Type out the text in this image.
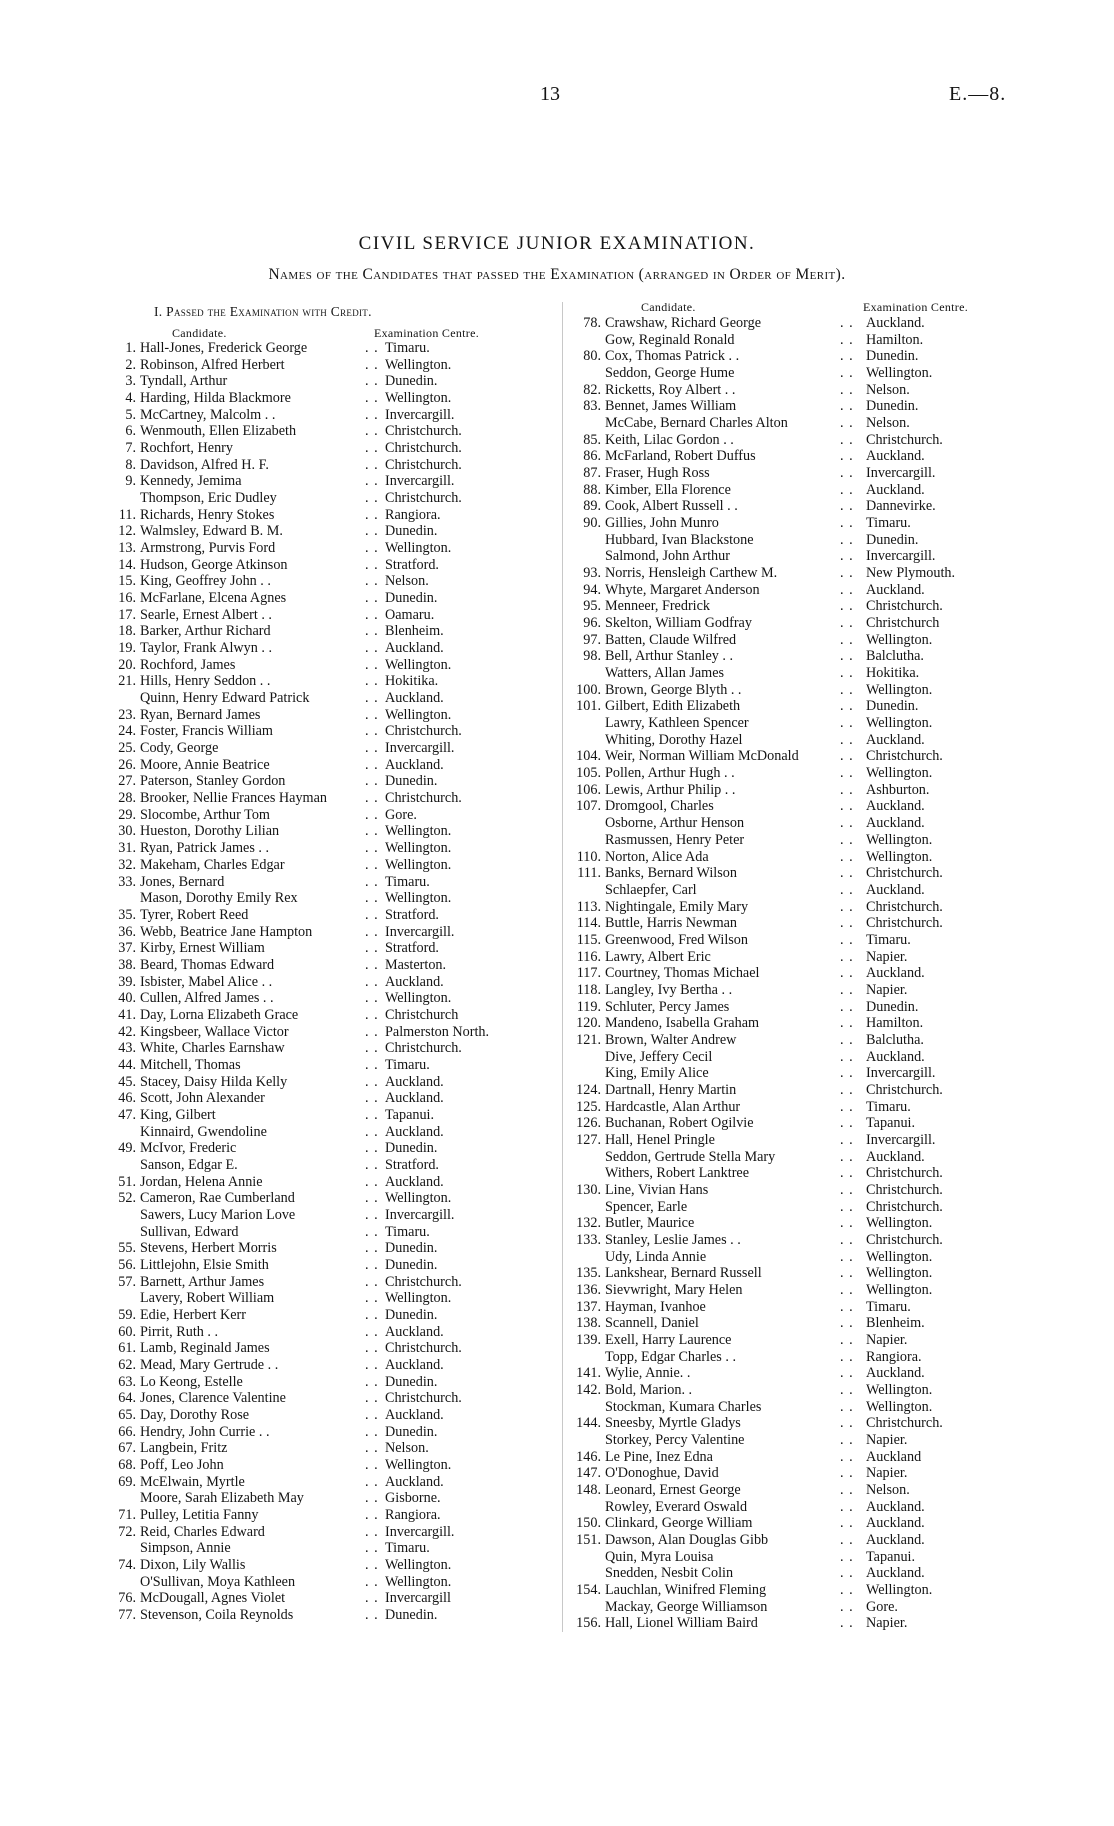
13	E.—8.
CIVIL SERVICE JUNIOR EXAMINATION.
Names of the Candidates that passed the Examination (arranged in Order of Merit).
I. Passed the Examination with Credit.
Candidate.	Examination Centre.
Candidate.	Examination Centre.
1. Hall-Jones, Frederick George	. . Timaru.
2. Robinson, Alfred Herbert	. . Wellington.
3. Tyndall, Arthur	. . Dunedin.
4. Harding, Hilda Blackmore	. . Wellington.
5. McCartney, Malcolm . .	. . Invercargill.
6. Wenmouth, Ellen Elizabeth	. . Christchurch.
7. Rochfort, Henry	. . Christchurch.
8. Davidson, Alfred H. F.	. . Christchurch.
9. Kennedy, Jemima	. . Invercargill.
Thompson, Eric Dudley	. . Christchurch.
11. Richards, Henry Stokes	. . Rangiora.
12. Walmsley, Edward B. M.	. . Dunedin.
13. Armstrong, Purvis Ford	. . Wellington.
14. Hudson, George Atkinson	. . Stratford.
15. King, Geoffrey John . .	. . Nelson.
16. McFarlane, Elcena Agnes	. . Dunedin.
17. Searle, Ernest Albert . .	. . Oamaru.
18. Barker, Arthur Richard	. . Blenheim.
19. Taylor, Frank Alwyn . .	. . Auckland.
20. Rochford, James	. . Wellington.
21. Hills, Henry Seddon . .	. . Hokitika.
Quinn, Henry Edward Patrick	. . Auckland.
23. Ryan, Bernard James	. . Wellington.
24. Foster, Francis William	. . Christchurch.
25. Cody, George	. . Invercargill.
26. Moore, Annie Beatrice	. . Auckland.
27. Paterson, Stanley Gordon	. . Dunedin.
28. Brooker, Nellie Frances Hayman	. . Christchurch.
29. Slocombe, Arthur Tom	. . Gore.
30. Hueston, Dorothy Lilian	. . Wellington.
31. Ryan, Patrick James . .	. . Wellington.
32. Makeham, Charles Edgar	. . Wellington.
33. Jones, Bernard	. . Timaru.
Mason, Dorothy Emily Rex	. . Wellington.
35. Tyrer, Robert Reed	. . Stratford.
36. Webb, Beatrice Jane Hampton	. . Invercargill.
37. Kirby, Ernest William	. . Stratford.
38. Beard, Thomas Edward	. . Masterton.
39. Isbister, Mabel Alice . .	. . Auckland.
40. Cullen, Alfred James . .	. . Wellington.
41. Day, Lorna Elizabeth Grace	. . Christchurch
42. Kingsbeer, Wallace Victor	. . Palmerston North.
43. White, Charles Earnshaw	. . Christchurch.
44. Mitchell, Thomas	. . Timaru.
45. Stacey, Daisy Hilda Kelly	. . Auckland.
46. Scott, John Alexander	. . Auckland.
47. King, Gilbert	. . Tapanui.
Kinnaird, Gwendoline	. . Auckland.
49. McIvor, Frederic	. . Dunedin.
Sanson, Edgar E.	. . Stratford.
51. Jordan, Helena Annie	. . Auckland.
52. Cameron, Rae Cumberland	. . Wellington.
Sawers, Lucy Marion Love	. . Invercargill.
Sullivan, Edward	. . Timaru.
55. Stevens, Herbert Morris	. . Dunedin.
56. Littlejohn, Elsie Smith	. . Dunedin.
57. Barnett, Arthur James	. . Christchurch.
Lavery, Robert William	. . Wellington.
59. Edie, Herbert Kerr	. . Dunedin.
60. Pirrit, Ruth . .	. . Auckland.
61. Lamb, Reginald James	. . Christchurch.
62. Mead, Mary Gertrude . .	. . Auckland.
63. Lo Keong, Estelle	. . Dunedin.
64. Jones, Clarence Valentine	. . Christchurch.
65. Day, Dorothy Rose	. . Auckland.
66. Hendry, John Currie . .	. . Dunedin.
67. Langbein, Fritz	. . Nelson.
68. Poff, Leo John	. . Wellington.
69. McElwain, Myrtle	. . Auckland.
Moore, Sarah Elizabeth May	. . Gisborne.
71. Pulley, Letitia Fanny	. . Rangiora.
72. Reid, Charles Edward	. . Invercargill.
Simpson, Annie	. . Timaru.
74. Dixon, Lily Wallis	. . Wellington.
O'Sullivan, Moya Kathleen	. . Wellington.
76. McDougall, Agnes Violet	. . Invercargill
77. Stevenson, Coila Reynolds	. . Dunedin.
78. Crawshaw, Richard George	. . Auckland.
Gow, Reginald Ronald	. . Hamilton.
80. Cox, Thomas Patrick . .	. . Dunedin.
Seddon, George Hume	. . Wellington.
82. Ricketts, Roy Albert . .	. . Nelson.
83. Bennet, James William	. . Dunedin.
McCabe, Bernard Charles Alton	. . Nelson.
85. Keith, Lilac Gordon . .	. . Christchurch.
86. McFarland, Robert Duffus	. . Auckland.
87. Fraser, Hugh Ross	. . Invercargill.
88. Kimber, Ella Florence	. . Auckland.
89. Cook, Albert Russell . .	. . Dannevirke.
90. Gillies, John Munro	. . Timaru.
Hubbard, Ivan Blackstone	. . Dunedin.
Salmond, John Arthur	. . Invercargill.
93. Norris, Hensleigh Carthew M.	. . New Plymouth.
94. Whyte, Margaret Anderson	. . Auckland.
95. Menneer, Fredrick	. . Christchurch.
96. Skelton, William Godfray	. . Christchurch
97. Batten, Claude Wilfred	. . Wellington.
98. Bell, Arthur Stanley . .	. . Balclutha.
Watters, Allan James	. . Hokitika.
100. Brown, George Blyth . .	. . Wellington.
101. Gilbert, Edith Elizabeth	. . Dunedin.
Lawry, Kathleen Spencer	. . Wellington.
Whiting, Dorothy Hazel	. . Auckland.
104. Weir, Norman William McDonald	. . Christchurch.
105. Pollen, Arthur Hugh . .	. . Wellington.
106. Lewis, Arthur Philip . .	. . Ashburton.
107. Dromgool, Charles	. . Auckland.
Osborne, Arthur Henson	. . Auckland.
Rasmussen, Henry Peter	. . Wellington.
110. Norton, Alice Ada	. . Wellington.
111. Banks, Bernard Wilson	. . Christchurch.
Schlaepfer, Carl	. . Auckland.
113. Nightingale, Emily Mary	. . Christchurch.
114. Buttle, Harris Newman	. . Christchurch.
115. Greenwood, Fred Wilson	. . Timaru.
116. Lawry, Albert Eric	. . Napier.
117. Courtney, Thomas Michael	. . Auckland.
118. Langley, Ivy Bertha . .	. . Napier.
119. Schluter, Percy James	. . Dunedin.
120. Mandeno, Isabella Graham	. . Hamilton.
121. Brown, Walter Andrew	. . Balclutha.
Dive, Jeffery Cecil	. . Auckland.
King, Emily Alice	. . Invercargill.
124. Dartnall, Henry Martin	. . Christchurch.
125. Hardcastle, Alan Arthur	. . Timaru.
126. Buchanan, Robert Ogilvie	. . Tapanui.
127. Hall, Henel Pringle	. . Invercargill.
Seddon, Gertrude Stella Mary	. . Auckland.
Withers, Robert Lanktree	. . Christchurch.
130. Line, Vivian Hans	. . Christchurch.
Spencer, Earle	. . Christchurch.
132. Butler, Maurice	. . Wellington.
133. Stanley, Leslie James . .	. . Christchurch.
Udy, Linda Annie	. . Wellington.
135. Lankshear, Bernard Russell	. . Wellington.
136. Sievwright, Mary Helen	. . Wellington.
137. Hayman, Ivanhoe	. . Timaru.
138. Scannell, Daniel	. . Blenheim.
139. Exell, Harry Laurence	. . Napier.
Topp, Edgar Charles . .	. . Rangiora.
141. Wylie, Annie. .	. . Auckland.
142. Bold, Marion. .	. . Wellington.
Stockman, Kumara Charles	. . Wellington.
144. Sneesby, Myrtle Gladys	. . Christchurch.
Storkey, Percy Valentine	. . Napier.
146. Le Pine, Inez Edna	. . Auckland
147. O'Donoghue, David	. . Napier.
148. Leonard, Ernest George	. . Nelson.
Rowley, Everard Oswald	. . Auckland.
150. Clinkard, George William	. . Auckland.
151. Dawson, Alan Douglas Gibb	. . Auckland.
Quin, Myra Louisa	. . Tapanui.
Snedden, Nesbit Colin	. . Auckland.
154. Lauchlan, Winifred Fleming	. . Wellington.
Mackay, George Williamson	. . Gore.
156. Hall, Lionel William Baird	. . Napier.
